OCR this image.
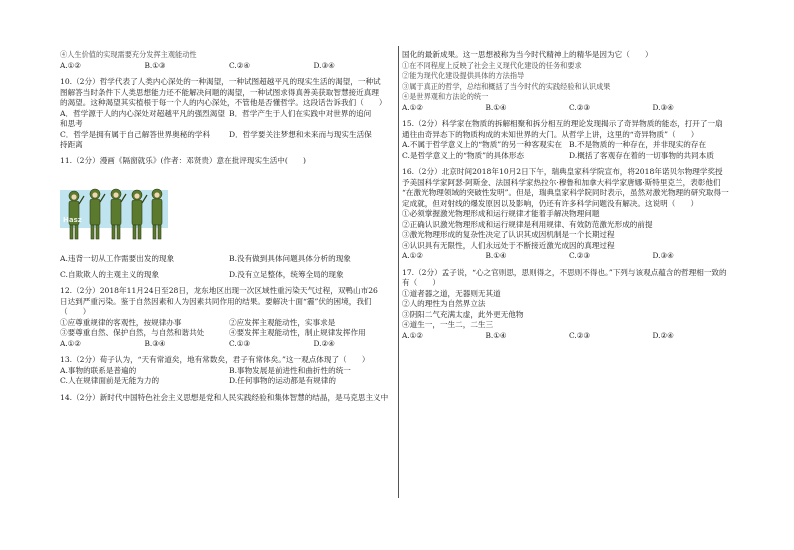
④人生价值的实现需要充分发挥主观能动性
A.①②	B.①③	C.②④	D.③④
10.（2分）哲学代表了人类内心深处的一种渴望，一种试图超越平凡的现实生活的渴望，一种试
图解答当时条件下人类思想能力还不能解决问题的渴望，一种试图求得真善美获取智慧接近真理
的渴望。这种渴望其实植根于每一个人的内心深处，不管他是否懂哲学。这段话告诉我们（　　）
A．哲学源于人的内心深处对超越平凡的强烈渴望 B．哲学产生于人们在实践中对世界的追问
和思考
C．哲学是拥有属于自己解答世界奥秘的学科	D．哲学要关注梦想和未来而与现实生活保
持距离
11.（2分）漫画《隔窗就乐》(作者：邓贤贵）意在批评现实生活中(　　)
Hasz
A.违背一切从工作需要出发的现象	B.没有做到具体问题具体分析的现象
C.自欺欺人的主观主义的现象	D.没有立足整体，统筹全局的现象
12.（2分）2018年11月24日至28日，龙东地区出现一次区域性重污染天气过程，双鸭山市26
日达到严重污染。鉴于自然因素和人为因素共同作用的结果。要解决十面“霾”伏的困境，我们
（　　）
①应尊重规律的客观性，按规律办事	②应发挥主观能动性，实事求是
③要尊重自然、保护自然，与自然和谐共处	④要发挥主观能动性，制止规律发挥作用
A.①②	B.③④	C.①③	D.②④
13.（2分）荀子认为，“天有常道矣，地有常数矣，君子有常体矣。”这一观点体现了（　　）
A.事物的联系是普遍的	B.事物发展是前进性和曲折性的统一
C.人在规律面前是无能为力的	D.任何事物的运动都是有规律的
14.（2分）新时代中国特色社会主义思想是党和人民实践经验和集体智慧的结晶，是马克思主义中
国化的最新成果。这一思想被称为当今时代精神上的精华是因为它（　　）
①在不同程度上反映了社会主义现代化建设的任务和要求
②能为现代化建设提供具体的方法指导
③属于真正的哲学，总结和概括了当今时代的实践经验和认识成果
④是世界观和方法论的统一
A.①②	B.①④	C.②③	D.③④
15.（2分）科学家在物质的拆解相聚和拆分相互的理论发现揭示了奇异物质的能态，打开了一扇
通往由奇异态下的物质构成的未知世界的大门。从哲学上讲，这里的“奇异物质”（　　）
A.不属于哲学意义上的“物质”的另一种客观实在 B.不是物质的一种存在，并非现实的存在
C.是哲学意义上的“物质”的具体形态	D.概括了客观存在着的一切事物的共同本质
16.（2分）北京时间2018年10月2日下午，瑞典皇家科学院宣布，将2018年诺贝尔物理学奖授
予美国科学家阿瑟·阿斯金、法国科学家热拉尔·穆鲁和加拿大科学家唐娜·斯特里克兰，表彰他们
“在激光物理领域的突破性发明”。但是，瑞典皇家科学院同时表示，虽然对激光物理的研究取得一
定成就，但对射线的爆发原因以及影响，仍还有许多科学问题没有解决。这说明（　　）
①必须掌握激光物理形成和运行规律才能着手解决物理问题
②正确认识激光物理形成和运行规律是利用规律、有效防范激光形成的前提
③激光物理形成的复杂性决定了认识其成因机制是一个长期过程
④认识具有无限性，人们永远处于不断接近激光成因的真理过程
A.①②	B.①④	C.②③	D.③④
17.（2分）孟子说，“心之官则思，思则得之，不思则不得也。”下列与该观点蕴含的哲理相一致的
有（　　）
①道者器之道，无器则无其道
②人的理性为自然界立法
③阴阳二气充满太虚，此外更无他物
④道生一，一生二，二生三
A.①②	B.①④	C.②③	D.②④
